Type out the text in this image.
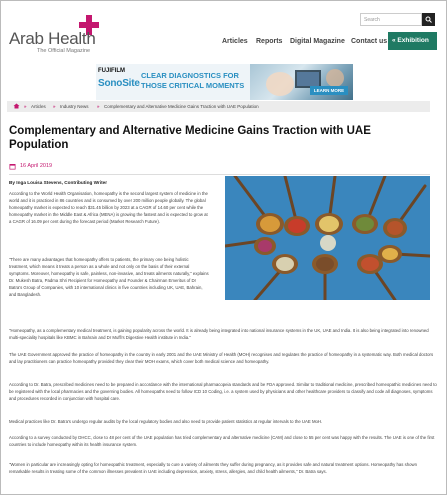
Arab Health
The Official Magazine
Search
Articles Reports Digital Magazine Contact us « Exhibition
FUJIFILM
SonoSite
CLEAR DIAGNOSTICS FOR
THOSE CRITICAL MOMENTS
LEARN MORE
» Articles » Industry News » Complementary and Alternative Medicine Gains Traction with UAE Population
Complementary and Alternative Medicine Gains Traction with UAE Population
16 April 2019
By Inga Louisa Stevens, Contributing Writer

According to the World Health Organisation, homeopathy is the second largest system of medicine in the world and it is practiced in 86 countries and is consumed by over 200 million people globally. The global homeopathy market is expected to reach $31.45 billion by 2023 at a CAGR of 14.60 per cent while the homeopathy market in the Middle East & Africa (MENA) is growing the fastest and is expected to grow at a CAGR of 16.09 per cent during the forecast period (Market Research Future).

"There are many advantages that homeopathy offers to patients, the primary one being holistic treatment, which means it treats a person as a whole and not only on the basis of their external symptoms. Moreover, homeopathy is safe, painless, non-invasive, and treats ailments naturally," explains Dr. Mukesh Batra, Padma Shri Recipient for Homeopathy and Founder & Chairman Emeritus of Dr Batra's Group of Companies, with 10 international clinics in five countries including UK, UAE, Bahrain, and Bangladesh.

"Homeopathy, as a complementary medical treatment, is gaining popularity across the world. It is already being integrated into national insurance systems in the UK, UAE and India. It is also being integrated into renowned multi-speciality hospitals like KBMC in Bahrain and Dr Muffi's Digestive Health institute in India."

The UAE Government approved the practice of homeopathy in the country in early 2001 and the UAE Ministry of Health (MOH) recognises and regulates the practice of homeopathy in a systematic way. Both medical doctors and lay practitioners can practice homeopathy provided they clear their MOH exams, which cover both medical science and homeopathy.

According to Dr. Batra, prescribed medicines need to be prepared in accordance with the international pharmacopeia standards and be FDA approved. Similar to traditional medicine, prescribed homeopathic medicines need to be registered with the local pharmacies and the governing bodies. All homeopaths need to follow ICD 10 Coding, i.e. a system used by physicians and other healthcare providers to classify and code all diagnoses, symptoms and procedures recorded in conjunction with hospital care.

Medical practices like Dr. Batra's undergo regular audits by the local regulatory bodies and also need to provide patient statistics at regular intervals to the UAE MoH.

According to a survey conducted by DHCC, close to 48 per cent of the UAE population has tried complementary and alternative medicine (CAM) and close to 55 per cent was happy with the results. The UAE is one of the first countries to include homeopathy within its health insurance system.

"Women in particular are increasingly opting for homeopathic treatment, especially to cure a variety of ailments they suffer during pregnancy, as it provides safe and natural treatment options. Homeopathy has shown remarkable results in treating some of the common illnesses prevalent in UAE including depression, anxiety, stress, allergies, and child health ailments," Dr. Batra says.
